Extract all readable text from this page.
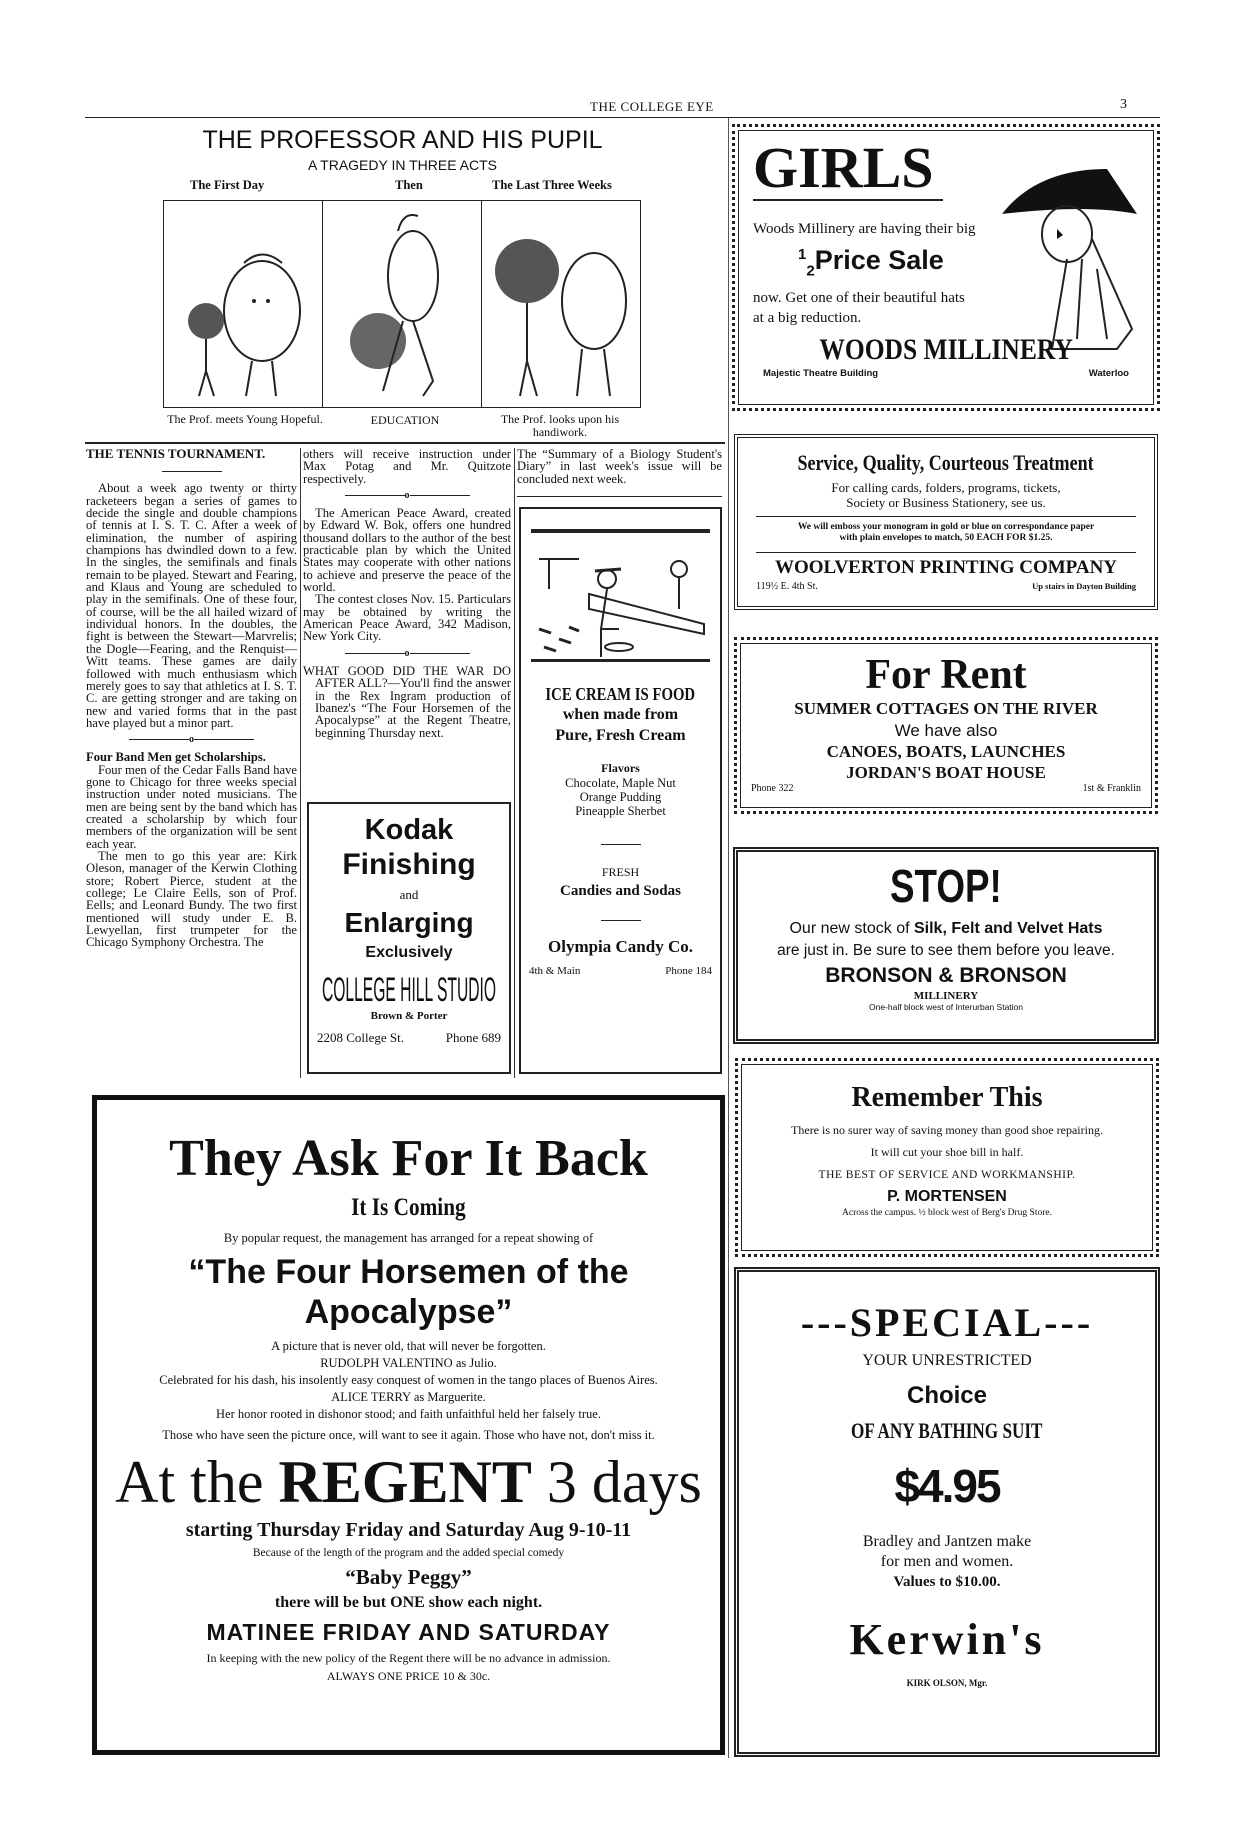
THE COLLEGE EYE	3
THE PROFESSOR AND HIS PUPIL
A TRAGEDY IN THREE ACTS
The First Day	Then	The Last Three Weeks
The Prof. meets Young Hopeful.	EDUCATION	The Prof. looks upon his handiwork.
THE TENNIS TOURNAMENT.

About a week ago twenty or thirty racketeers began a series of games to decide the single and double champions of tennis at I. S. T. C. After a week of elimination, the number of aspiring champions has dwindled down to a few. In the singles, the semifinals and finals remain to be played. Stewart and Fearing, and Klaus and Young are scheduled to play in the semifinals. One of these four, of course, will be the all hailed wizard of individual honors. In the doubles, the fight is between the Stewart—Marvrelis; the Dogle—Fearing, and the Renquist—Witt teams. These games are daily followed with much enthusiasm which merely goes to say that athletics at I. S. T. C. are getting stronger and are taking on new and varied forms that in the past have played but a minor part.

o
Four Band Men get Scholarships.

Four men of the Cedar Falls Band have gone to Chicago for three weeks special instruction under noted musicians. The men are being sent by the band which has created a scholarship by which four members of the organization will be sent each year.

The men to go this year are: Kirk Oleson, manager of the Kerwin Clothing store; Robert Pierce, student at the college; Le Claire Eells, son of Prof. Eells; and Leonard Bundy. The two first mentioned will study under E. B. Lewyellan, first trumpeter for the Chicago Symphony Orchestra. The

others will receive instruction under Max Potag and Mr. Quitzote respectively.
o

The American Peace Award, created by Edward W. Bok, offers one hundred thousand dollars to the author of the best practicable plan by which the United States may cooperate with other nations to achieve and preserve the peace of the world.

The contest closes Nov. 15. Particulars may be obtained by writing the American Peace Award, 342 Madison, New York City.

o

WHAT GOOD DID THE WAR DO AFTER ALL?—You'll find the answer in the Rex Ingram production of Ibanez's “The Four Horsemen of the Apocalypse” at the Regent Theatre, beginning Thursday next.

Kodak
Finishing
and
Enlarging
Exclusively
COLLEGE HILL STUDIO
Brown & Porter
2208 College St.	Phone 689
The “Summary of a Biology Student's Diary” in last week's issue will be concluded next week.
ICE CREAM IS FOOD
when made from
Pure, Fresh Cream
Flavors
Chocolate, Maple Nut
Orange Pudding
Pineapple Sherbet
FRESH
Candies and Sodas
Olympia Candy Co.
4th & Main	Phone 184
They Ask For It Back
It Is Coming
By popular request, the management has arranged for a repeat showing of
“The Four Horsemen of the Apocalypse”
A picture that is never old, that will never be forgotten.
RUDOLPH VALENTINO as Julio.
Celebrated for his dash, his insolently easy conquest of women in the tango places of Buenos Aires.
ALICE TERRY as Marguerite.
Her honor rooted in dishonor stood; and faith unfaithful held her falsely true.
Those who have seen the picture once, will want to see it again. Those who have not, don't miss it.
At the REGENT 3 days
starting Thursday Friday and Saturday Aug 9-10-11
Because of the length of the program and the added special comedy
“Baby Peggy”
there will be but ONE show each night.
MATINEE FRIDAY AND SATURDAY
In keeping with the new policy of the Regent there will be no advance in admission.
ALWAYS ONE PRICE 10 & 30c.
GIRLS
Woods Millinery are having their big
$^1_2$Price Sale
now. Get one of their beautiful hats
at a big reduction.
WOODS MILLINERY
Majestic Theatre Building	Waterloo
Service, Quality, Courteous Treatment
For calling cards, folders, programs, tickets,
Society or Business Stationery, see us.
We will emboss your monogram in gold or blue on correspondance paper
with plain envelopes to match, 50 EACH FOR $1.25.
WOOLVERTON PRINTING COMPANY
119½ E. 4th St.	Up stairs in Dayton Building
For Rent
SUMMER COTTAGES ON THE RIVER
We have also
CANOES, BOATS, LAUNCHES
JORDAN'S BOAT HOUSE
Phone 322	1st & Franklin
STOP!
Our new stock of Silk, Felt and Velvet Hats
are just in. Be sure to see them before you leave.
BRONSON & BRONSON
MILLINERY
One-half block west of Interurban Station
Remember This
There is no surer way of saving money than good shoe repairing.
It will cut your shoe bill in half.
THE BEST OF SERVICE AND WORKMANSHIP.
P. MORTENSEN
Across the campus. ½ block west of Berg's Drug Store.
---SPECIAL---
YOUR UNRESTRICTED
Choice
OF ANY BATHING SUIT
$4.95
Bradley and Jantzen make
for men and women.
Values to $10.00.
Kerwin's
KIRK OLSON, Mgr.
